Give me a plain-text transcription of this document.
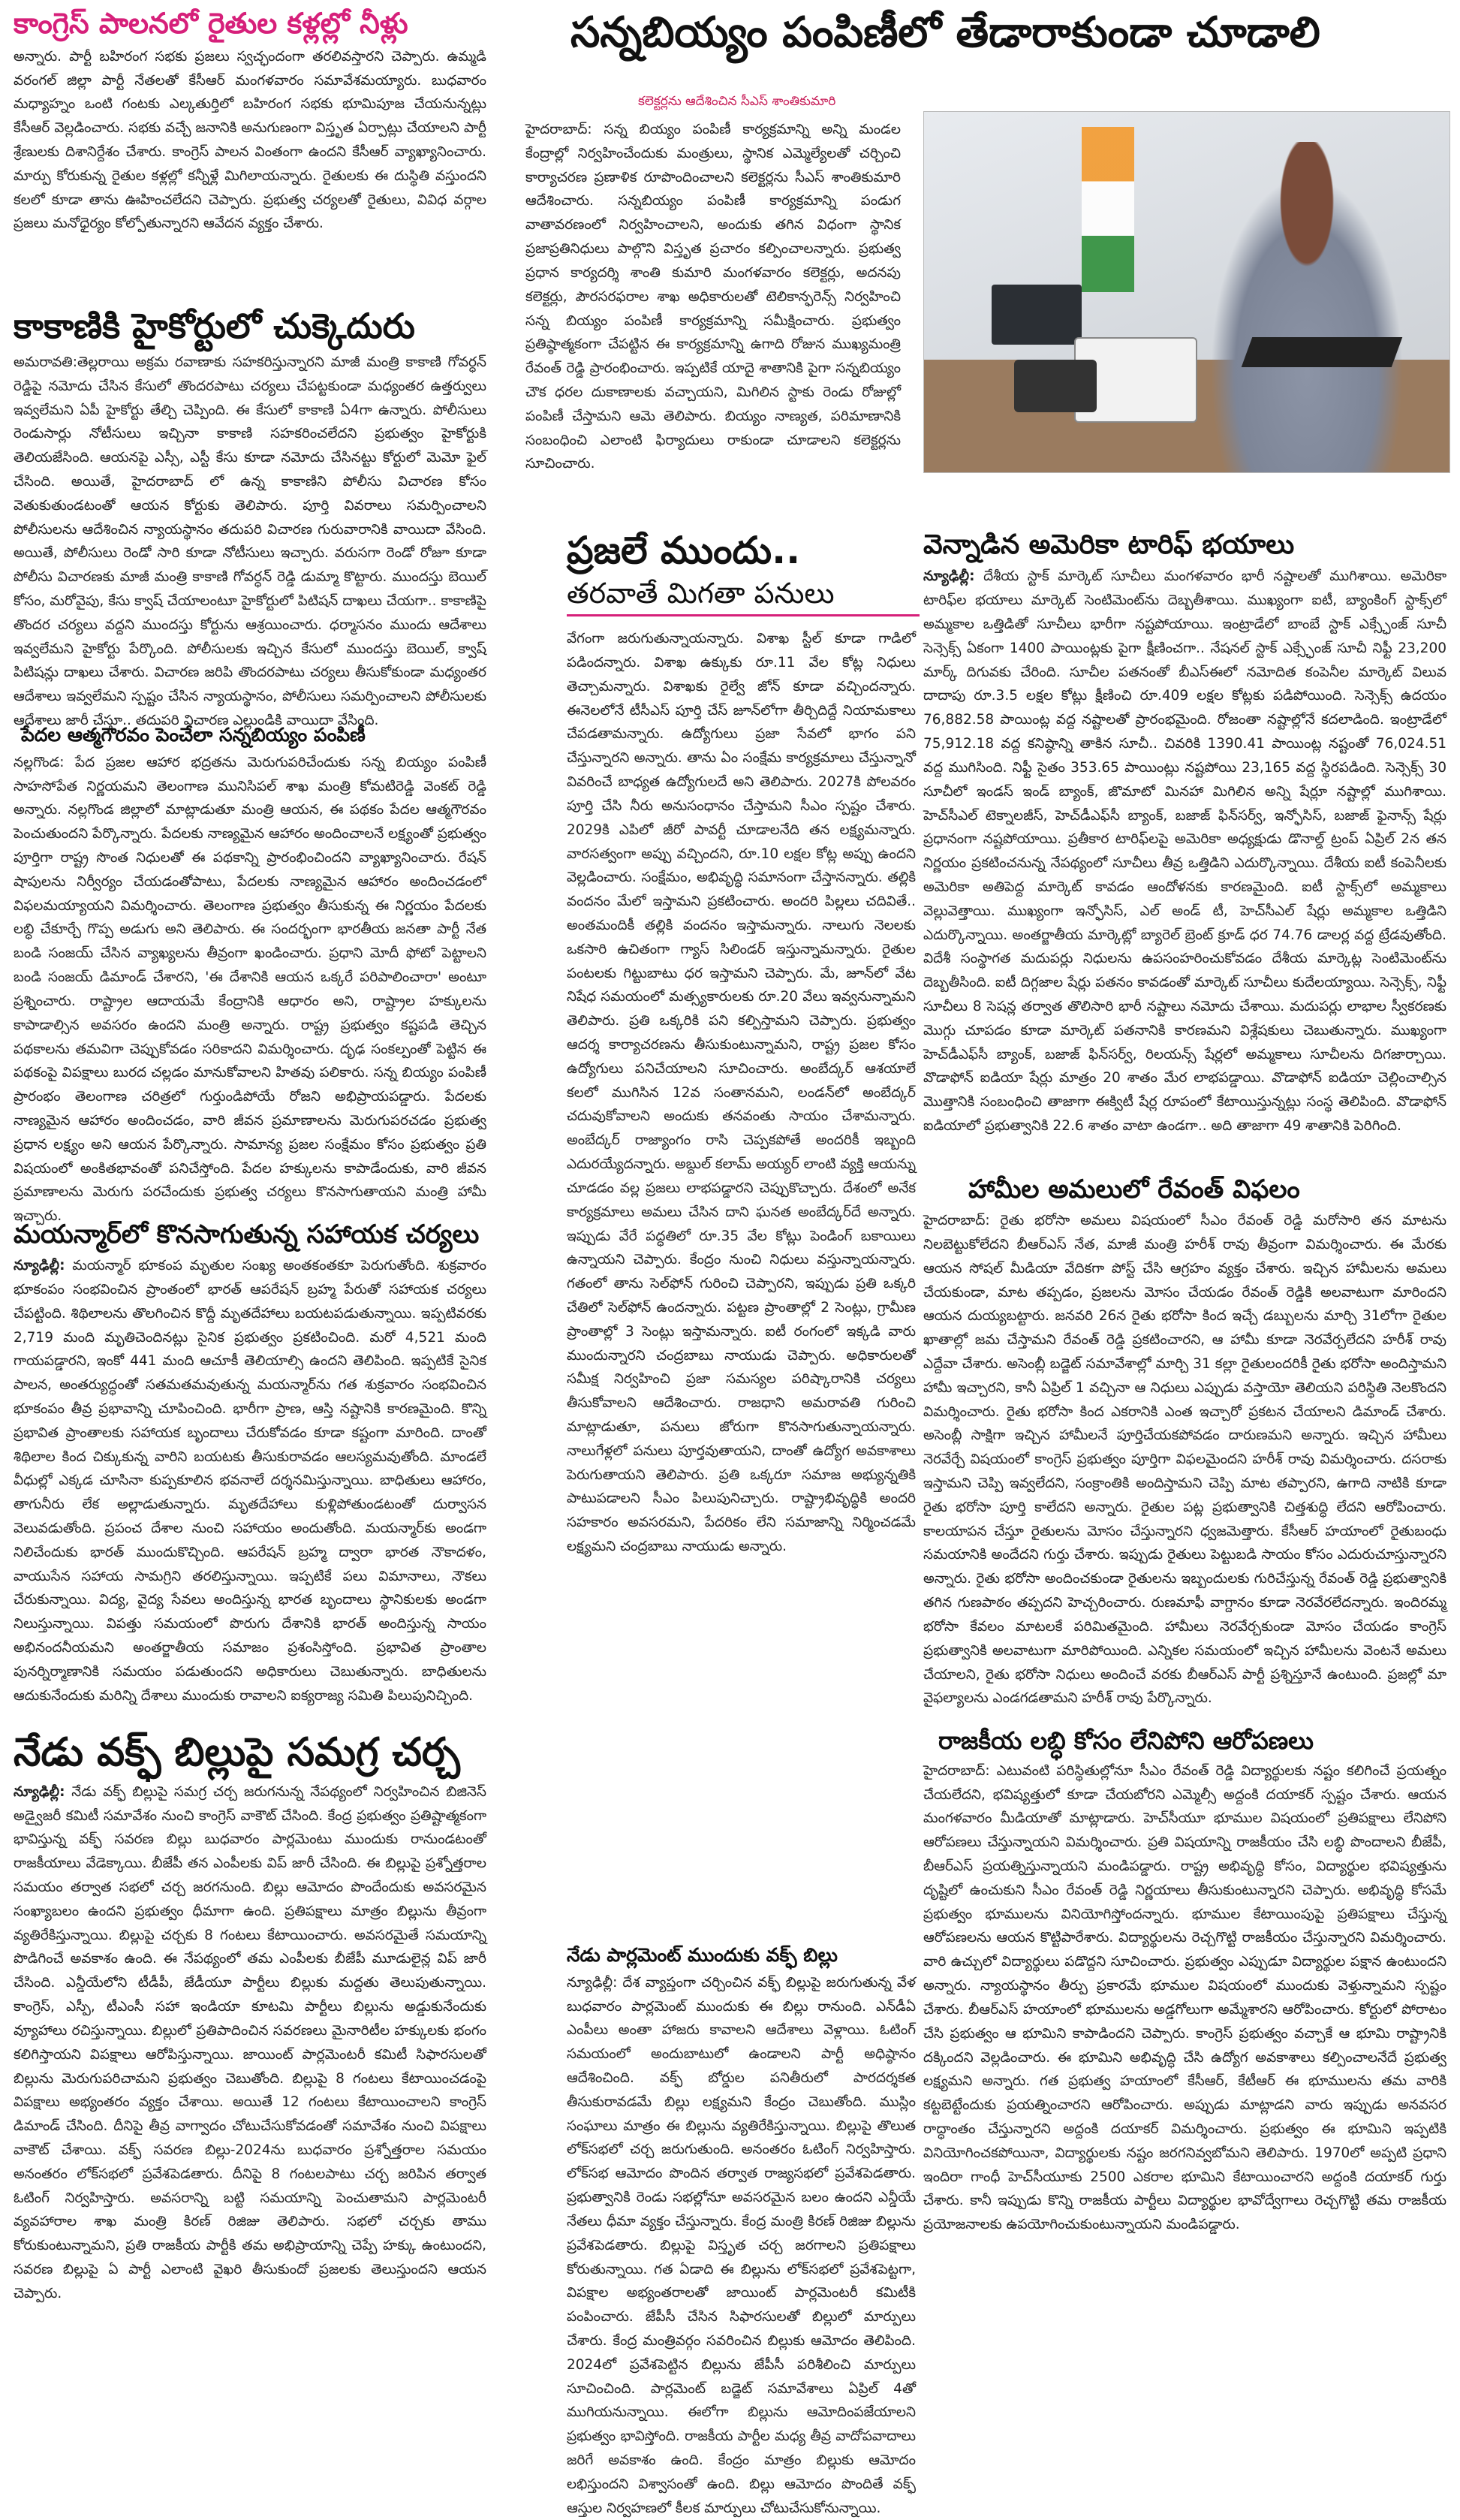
కాంగ్రెస్ పాలనలో రైతుల కళ్లల్లో నీళ్లు

అన్నారు. పార్టీ బహిరంగ సభకు ప్రజలు స్వచ్ఛందంగా తరలివస్తారని చెప్పారు. ఉమ్మడి వరంగల్ జిల్లా పార్టీ నేతలతో కేసీఆర్ మంగళవారం సమావేశమయ్యారు. బుధవారం మధ్యాహ్నం ఒంటి గంటకు ఎల్కతుర్తిలో బహిరంగ సభకు భూమిపూజ చేయనున్నట్లు కేసీఆర్ వెల్లడించారు. సభకు వచ్చే జనానికి అనుగుణంగా విస్తృత ఏర్పాట్లు చేయాలని పార్టీ శ్రేణులకు దిశానిర్దేశం చేశారు. కాంగ్రెస్ పాలన వింతంగా ఉందని కేసీఆర్ వ్యాఖ్యానించారు. మార్పు కోరుకున్న రైతుల కళ్లల్లో కన్నీళ్లే మిగిలాయన్నారు. రైతులకు ఈ దుస్థితి వస్తుందని కలలో కూడా తాను ఊహించలేదని చెప్పారు. ప్రభుత్వ చర్యలతో రైతులు, వివిధ వర్గాల ప్రజలు మనోధైర్యం కోల్పోతున్నారని ఆవేదన వ్యక్తం చేశారు.

కాకాణికి హైకోర్టులో చుక్కెదురు

అమరావతి:తెల్లరాయి అక్రమ రవాణాకు సహకరిస్తున్నారని మాజీ మంత్రి కాకాణి గోవర్ధన్ రెడ్డిపై నమోదు చేసిన కేసులో తొందరపాటు చర్యలు చేపట్టకుండా మధ్యంతర ఉత్తర్వులు ఇవ్వలేమని ఏపీ హైకోర్టు తేల్చి చెప్పింది. ఈ కేసులో కాకాణి ఏ4గా ఉన్నారు. పోలీసులు రెండుసార్లు నోటీసులు ఇచ్చినా కాకాణి సహకరించలేదని ప్రభుత్వం హైకోర్టుకి తెలియజేసింది. ఆయనపై ఎస్సీ, ఎస్టీ కేసు కూడా నమోదు చేసినట్టు కోర్టులో మెమో ఫైల్ చేసింది. అయితే, హైదరాబాద్ లో ఉన్న కాకాణిని పోలీసు విచారణ కోసం వెతుకుతుండటంతో ఆయన కోర్టుకు తెలిపారు. పూర్తి వివరాలు సమర్పించాలని పోలీసులను ఆదేశించిన న్యాయస్థానం తదుపరి విచారణ గురువారానికి వాయిదా వేసింది. అయితే, పోలీసులు రెండో సారి కూడా నోటీసులు ఇచ్చారు. వరుసగా రెండో రోజూ కూడా పోలీసు విచారణకు మాజీ మంత్రి కాకాణి గోవర్ధన్ రెడ్డి డుమ్మా కొట్టారు. ముందస్తు బెయిల్ కోసం, మరోవైపు, కేసు క్వాష్ చేయాలంటూ హైకోర్టులో పిటిషన్ దాఖలు చేయగా.. కాకాణిపై తొందర చర్యలు వద్దని ముందస్తు కోర్టును ఆశ్రయించారు. ధర్మాసనం ముందు ఆదేశాలు ఇవ్వలేమని హైకోర్టు పేర్కొంది. పోలీసులకు ఇచ్చిన కేసులో ముందస్తు బెయిల్, క్వాష్ పిటిషన్లు దాఖలు చేశారు. విచారణ జరిపి తొందరపాటు చర్యలు తీసుకోకుండా మధ్యంతర ఆదేశాలు ఇవ్వలేమని స్పష్టం చేసిన న్యాయస్థానం, పోలీసులు సమర్పించాలని పోలీసులకు ఆదేశాలు జారీ చేస్తూ.. తదుపరి విచారణ ఎల్లుండికి వాయిదా వేసింది.

పేదల ఆత్మగౌరవం పెంచేలా సన్నబియ్యం పంపిణీ

నల్లగొండ: పేద ప్రజల ఆహార భద్రతను మెరుగుపరిచేందుకు సన్న బియ్యం పంపిణీ సాహసోపేత నిర్ణయమని తెలంగాణ మునిసిపల్ శాఖ మంత్రి కోమటిరెడ్డి వెంకట్ రెడ్డి అన్నారు. నల్లగొండ జిల్లాలో మాట్లాడుతూ మంత్రి ఆయన, ఈ పథకం పేదల ఆత్మగౌరవం పెంచుతుందని పేర్కొన్నారు. పేదలకు నాణ్యమైన ఆహారం అందించాలనే లక్ష్యంతో ప్రభుత్వం పూర్తిగా రాష్ట్ర సొంత నిధులతో ఈ పథకాన్ని ప్రారంభించిందని వ్యాఖ్యానించారు. రేషన్ షాపులను నిర్వీర్యం చేయడంతోపాటు, పేదలకు నాణ్యమైన ఆహారం అందించడంలో విఫలమయ్యాయని విమర్శించారు. తెలంగాణ ప్రభుత్వం తీసుకున్న ఈ నిర్ణయం పేదలకు లబ్ధి చేకూర్చే గొప్ప అడుగు అని తెలిపారు. ఈ సందర్భంగా భారతీయ జనతా పార్టీ నేత బండి సంజయ్ చేసిన వ్యాఖ్యలను తీవ్రంగా ఖండించారు. ప్రధాని మోదీ ఫోటో పెట్టాలని బండి సంజయ్ డిమాండ్ చేశారని, 'ఈ దేశానికి ఆయన ఒక్కరే పరిపాలించారా' అంటూ ప్రశ్నించారు. రాష్ట్రాల ఆదాయమే కేంద్రానికి ఆధారం అని, రాష్ట్రాల హక్కులను కాపాడాల్సిన అవసరం ఉందని మంత్రి అన్నారు. రాష్ట్ర ప్రభుత్వం కష్టపడి తెచ్చిన పథకాలను తమవిగా చెప్పుకోవడం సరికాదని విమర్శించారు. దృఢ సంకల్పంతో పెట్టిన ఈ పథకంపై విపక్షాలు బురద చల్లడం మానుకోవాలని హితవు పలికారు. సన్న బియ్యం పంపిణీ ప్రారంభం తెలంగాణ చరిత్రలో గుర్తుండిపోయే రోజని అభిప్రాయపడ్డారు. పేదలకు నాణ్యమైన ఆహారం అందించడం, వారి జీవన ప్రమాణాలను మెరుగుపరచడం ప్రభుత్వ ప్రధాన లక్ష్యం అని ఆయన పేర్కొన్నారు. సామాన్య ప్రజల సంక్షేమం కోసం ప్రభుత్వం ప్రతి విషయంలో అంకితభావంతో పనిచేస్తోంది. పేదల హక్కులను కాపాడేందుకు, వారి జీవన ప్రమాణాలను మెరుగు పరచేందుకు ప్రభుత్వ చర్యలు కొనసాగుతాయని మంత్రి హామీ ఇచ్చారు.

మయన్మార్‌లో కొనసాగుతున్న సహాయక చర్యలు

న్యూఢిల్లీ: మయన్మార్ భూకంప మృతుల సంఖ్య అంతకంతకూ పెరుగుతోంది. శుక్రవారం భూకంపం సంభవించిన ప్రాంతంలో భారత్ ఆపరేషన్ బ్రహ్మ పేరుతో సహాయక చర్యలు చేపట్టింది. శిథిలాలను తొలగించిన కొద్దీ మృతదేహాలు బయటపడుతున్నాయి. ఇప్పటివరకు 2,719 మంది మృతిచెందినట్లు సైనిక ప్రభుత్వం ప్రకటించింది. మరో 4,521 మంది గాయపడ్డారని, ఇంకో 441 మంది ఆచూకీ తెలియాల్సి ఉందని తెలిపింది. ఇప్పటికే సైనిక పాలన, అంతర్యుద్ధంతో సతమతమవుతున్న మయన్మార్‌ను గత శుక్రవారం సంభవించిన భూకంపం తీవ్ర ప్రభావాన్ని చూపించింది. భారీగా ప్రాణ, ఆస్తి నష్టానికి కారణమైంది. కొన్ని ప్రభావిత ప్రాంతాలకు సహాయక బృందాలు చేరుకోవడం కూడా కష్టంగా మారింది. దాంతో శిథిలాల కింద చిక్కుకున్న వారిని బయటకు తీసుకురావడం ఆలస్యమవుతోంది. మాండలే వీధుల్లో ఎక్కడ చూసినా కుప్పకూలిన భవనాలే దర్శనమిస్తున్నాయి. బాధితులు ఆహారం, తాగునీరు లేక అల్లాడుతున్నారు. మృతదేహాలు కుళ్లిపోతుండటంతో దుర్వాసన వెలువడుతోంది. ప్రపంచ దేశాల నుంచి సహాయం అందుతోంది. మయన్మార్‌కు అండగా నిలిచేందుకు భారత్ ముందుకొచ్చింది. ఆపరేషన్ బ్రహ్మ ద్వారా భారత నౌకాదళం, వాయుసేన సహాయ సామగ్రిని తరలిస్తున్నాయి. ఇప్పటికే పలు విమానాలు, నౌకలు చేరుకున్నాయి. విద్య, వైద్య సేవలు అందిస్తున్న భారత బృందాలు స్థానికులకు అండగా నిలుస్తున్నాయి. విపత్తు సమయంలో పొరుగు దేశానికి భారత్ అందిస్తున్న సాయం అభినందనీయమని అంతర్జాతీయ సమాజం ప్రశంసిస్తోంది. ప్రభావిత ప్రాంతాల పునర్నిర్మాణానికి సమయం పడుతుందని అధికారులు చెబుతున్నారు. బాధితులను ఆదుకునేందుకు మరిన్ని దేశాలు ముందుకు రావాలని ఐక్యరాజ్య సమితి పిలుపునిచ్చింది.

నేడు వక్ఫ్ బిల్లుపై సమగ్ర చర్చ

న్యూఢిల్లీ: నేడు వక్ఫ్ బిల్లుపై సమగ్ర చర్చ జరుగనున్న నేపథ్యంలో నిర్వహించిన బిజినెస్ అడ్వైజరీ కమిటీ సమావేశం నుంచి కాంగ్రెస్ వాకౌట్ చేసింది. కేంద్ర ప్రభుత్వం ప్రతిష్టాత్మకంగా భావిస్తున్న వక్ఫ్ సవరణ బిల్లు బుధవారం పార్లమెంటు ముందుకు రానుండటంతో రాజకీయాలు వేడెక్కాయి. బీజేపీ తన ఎంపీలకు విప్ జారీ చేసింది. ఈ బిల్లుపై ప్రశ్నోత్తరాల సమయం తర్వాత సభలో చర్చ జరగనుంది. బిల్లు ఆమోదం పొందేందుకు అవసరమైన సంఖ్యాబలం ఉందని ప్రభుత్వం ధీమాగా ఉంది. ప్రతిపక్షాలు మాత్రం బిల్లును తీవ్రంగా వ్యతిరేకిస్తున్నాయి. బిల్లుపై చర్చకు 8 గంటలు కేటాయించారు. అవసరమైతే సమయాన్ని పొడిగించే అవకాశం ఉంది. ఈ నేపథ్యంలో తమ ఎంపీలకు బీజేపీ మూడులైన్ల విప్ జారీ చేసింది. ఎన్డీయేలోని టీడీపీ, జేడీయూ పార్టీలు బిల్లుకు మద్దతు తెలుపుతున్నాయి. కాంగ్రెస్, ఎస్పీ, టీఎంసీ సహా ఇండియా కూటమి పార్టీలు బిల్లును అడ్డుకునేందుకు వ్యూహాలు రచిస్తున్నాయి. బిల్లులో ప్రతిపాదించిన సవరణలు మైనారిటీల హక్కులకు భంగం కలిగిస్తాయని విపక్షాలు ఆరోపిస్తున్నాయి. జాయింట్ పార్లమెంటరీ కమిటీ సిఫారసులతో బిల్లును మెరుగుపరిచామని ప్రభుత్వం చెబుతోంది. బిల్లుపై 8 గంటలు కేటాయించడంపై విపక్షాలు అభ్యంతరం వ్యక్తం చేశాయి. అయితే 12 గంటలు కేటాయించాలని కాంగ్రెస్ డిమాండ్ చేసింది. దీనిపై తీవ్ర వాగ్వాదం చోటుచేసుకోవడంతో సమావేశం నుంచి విపక్షాలు వాకౌట్ చేశాయి. వక్ఫ్ సవరణ బిల్లు-2024ను బుధవారం ప్రశ్నోత్తరాల సమయం అనంతరం లోక్‌సభలో ప్రవేశపెడతారు. దీనిపై 8 గంటలపాటు చర్చ జరిపిన తర్వాత ఓటింగ్ నిర్వహిస్తారు. అవసరాన్ని బట్టి సమయాన్ని పెంచుతామని పార్లమెంటరీ వ్యవహారాల శాఖ మంత్రి కిరణ్ రిజిజు తెలిపారు. సభలో చర్చకు తాము కోరుకుంటున్నామని, ప్రతి రాజకీయ పార్టీకి తమ అభిప్రాయాన్ని చెప్పే హక్కు ఉంటుందని, సవరణ బిల్లుపై ఏ పార్టీ ఎలాంటి వైఖరి తీసుకుందో ప్రజలకు తెలుస్తుందని ఆయన చెప్పారు.

సన్నబియ్యం పంపిణీలో తేడారాకుండా చూడాలి
కలెక్టర్లను ఆదేశించిన సీఎస్ శాంతికుమారి

హైదరాబాద్: సన్న బియ్యం పంపిణీ కార్యక్రమాన్ని అన్ని మండల కేంద్రాల్లో నిర్వహించేందుకు మంత్రులు, స్థానిక ఎమ్మెల్యేలతో చర్చించి కార్యాచరణ ప్రణాళిక రూపొందించాలని కలెక్టర్లను సీఎస్ శాంతికుమారి ఆదేశించారు. సన్నబియ్యం పంపిణీ కార్యక్రమాన్ని పండుగ వాతావరణంలో నిర్వహించాలని, అందుకు తగిన విధంగా స్థానిక ప్రజాప్రతినిధులు పాల్గొని విస్తృత ప్రచారం కల్పించాలన్నారు. ప్రభుత్వ ప్రధాన కార్యదర్శి శాంతి కుమారి మంగళవారం కలెక్టర్లు, అదనపు కలెక్టర్లు, పౌరసరఫరాల శాఖ అధికారులతో టెలికాన్ఫరెన్స్ నిర్వహించి సన్న బియ్యం పంపిణీ కార్యక్రమాన్ని సమీక్షించారు. ప్రభుత్వం ప్రతిష్ఠాత్మకంగా చేపట్టిన ఈ కార్యక్రమాన్ని ఉగాది రోజున ముఖ్యమంత్రి రేవంత్ రెడ్డి ప్రారంభించారు. ఇప్పటికే యాదై శాతానికి పైగా సన్నబియ్యం చౌక ధరల దుకాణాలకు వచ్చాయని, మిగిలిన స్టాకు రెండు రోజుల్లో పంపిణీ చేస్తామని ఆమె తెలిపారు. బియ్యం నాణ్యత, పరిమాణానికి సంబంధించి ఎలాంటి ఫిర్యాదులు రాకుండా చూడాలని కలెక్టర్లను సూచించారు.

ప్రజలే ముందు..
తరవాతే మిగతా పనులు

వేగంగా జరుగుతున్నాయన్నారు. విశాఖ స్టీల్ కూడా గాడిలో పడిందన్నారు. విశాఖ ఉక్కుకు రూ.11 వేల కోట్ల నిధులు తెచ్చామన్నారు. విశాఖకు రైల్వే జోన్ కూడా వచ్చిందన్నారు. ఈనెలలోనే టీసీఎస్ పూర్తి చేస్ జూన్‌లోగా తీర్చిదిద్దే నియామకాలు చేపడతామన్నారు. ఉద్యోగులు ప్రజా సేవలో భాగం పని చేస్తున్నారని అన్నారు. తాను ఏం సంక్షేమ కార్యక్రమాలు చేస్తున్నానో వివరించే బాధ్యత ఉద్యోగులదే అని తెలిపారు. 2027కి పోలవరం పూర్తి చేసి నీరు అనుసంధానం చేస్తామని సీఎం స్పష్టం చేశారు. 2029కి ఎపిలో జీరో పావర్టీ చూడాలనేది తన లక్ష్యమన్నారు. వారసత్వంగా అప్పు వచ్చిందని, రూ.10 లక్షల కోట్ల అప్పు ఉందని వెల్లడించారు. సంక్షేమం, అభివృద్ధి సమానంగా చేస్తానన్నారు. తల్లికి వందనం మేలో ఇస్తామని ప్రకటించారు. అందరి పిల్లలు చదివితే.. అంతమందికీ తల్లికి వందనం ఇస్తామన్నారు. నాలుగు నెలలకు ఒకసారి ఉచితంగా గ్యాస్ సిలిండర్ ఇస్తున్నామన్నారు. రైతుల పంటలకు గిట్టుబాటు ధర ఇస్తామని చెప్పారు. మే, జూన్‌లో వేట నిషేధ సమయంలో మత్స్యకారులకు రూ.20 వేలు ఇవ్వనున్నామని తెలిపారు. ప్రతి ఒక్కరికి పని కల్పిస్తామని చెప్పారు. ప్రభుత్వం ఆదర్శ కార్యాచరణను తీసుకుంటున్నామని, రాష్ట్ర ప్రజల కోసం ఉద్యోగులు పనిచేయాలని సూచించారు. అంబేద్కర్ ఆశయాలే కలలో ముగిసిన 12వ సంతానమని, లండన్‌లో అంబేద్కర్ చదువుకోవాలని అందుకు తనవంతు సాయం చేశామన్నారు. అంబేద్కర్ రాజ్యాంగం రాసి చెప్పకపోతే అందరికీ ఇబ్బంది ఎదురయ్యేదన్నారు. అబ్దుల్ కలామ్ అయ్యర్ లాంటి వ్యక్తి ఆయన్ను చూడడం వల్ల ప్రజలు లాభపడ్డారని చెప్పుకొచ్చారు. దేశంలో అనేక కార్యక్రమాలు అమలు చేసిన దాని ఘనత అంబేద్కర్‌దే అన్నారు. ఇప్పుడు వేరే పద్ధతిలో రూ.35 వేల కోట్లు పెండింగ్ బకాయిలు ఉన్నాయని చెప్పారు. కేంద్రం నుంచి నిధులు వస్తున్నాయన్నారు. గతంలో తాను సెల్‌ఫోన్ గురించి చెప్పారని, ఇప్పుడు ప్రతి ఒక్కరి చేతిలో సెల్‌ఫోన్ ఉందన్నారు. పట్టణ ప్రాంతాల్లో 2 సెంట్లు, గ్రామీణ ప్రాంతాల్లో 3 సెంట్లు ఇస్తామన్నారు. ఐటీ రంగంలో ఇక్కడి వారు ముందున్నారని చంద్రబాబు నాయుడు చెప్పారు. అధికారులతో సమీక్ష నిర్వహించి ప్రజా సమస్యల పరిష్కారానికి చర్యలు తీసుకోవాలని ఆదేశించారు. రాజధాని అమరావతి గురించి మాట్లాడుతూ, పనులు జోరుగా కొనసాగుతున్నాయన్నారు. నాలుగేళ్లలో పనులు పూర్తవుతాయని, దాంతో ఉద్యోగ అవకాశాలు పెరుగుతాయని తెలిపారు. ప్రతి ఒక్కరూ సమాజ అభ్యున్నతికి పాటుపడాలని సీఎం పిలుపునిచ్చారు. రాష్ట్రాభివృద్ధికి అందరి సహకారం అవసరమని, పేదరికం లేని సమాజాన్ని నిర్మించడమే లక్ష్యమని చంద్రబాబు నాయుడు అన్నారు.

నేడు పార్లమెంట్ ముందుకు వక్ఫ్ బిల్లు

న్యూఢిల్లీ: దేశ వ్యాప్తంగా చర్చించిన వక్ఫ్ బిల్లుపై జరుగుతున్న వేళ బుధవారం పార్లమెంట్ ముందుకు ఈ బిల్లు రానుంది. ఎన్‌డీఏ ఎంపీలు అంతా హాజరు కావాలని ఆదేశాలు వెళ్లాయి. ఓటింగ్ సమయంలో అందుబాటులో ఉండాలని పార్టీ అధిష్ఠానం ఆదేశించింది. వక్ఫ్ బోర్డుల పనితీరులో పారదర్శకత తీసుకురావడమే బిల్లు లక్ష్యమని కేంద్రం చెబుతోంది. ముస్లిం సంఘాలు మాత్రం ఈ బిల్లును వ్యతిరేకిస్తున్నాయి. బిల్లుపై తొలుత లోక్‌సభలో చర్చ జరుగుతుంది. అనంతరం ఓటింగ్ నిర్వహిస్తారు. లోక్‌సభ ఆమోదం పొందిన తర్వాత రాజ్యసభలో ప్రవేశపెడతారు. ప్రభుత్వానికి రెండు సభల్లోనూ అవసరమైన బలం ఉందని ఎన్డీయే నేతలు ధీమా వ్యక్తం చేస్తున్నారు. కేంద్ర మంత్రి కిరణ్ రిజిజు బిల్లును ప్రవేశపెడతారు. బిల్లుపై విస్తృత చర్చ జరగాలని ప్రతిపక్షాలు కోరుతున్నాయి. గత ఏడాది ఈ బిల్లును లోక్‌సభలో ప్రవేశపెట్టగా, విపక్షాల అభ్యంతరాలతో జాయింట్ పార్లమెంటరీ కమిటీకి పంపించారు. జేపీసీ చేసిన సిఫారసులతో బిల్లులో మార్పులు చేశారు. కేంద్ర మంత్రివర్గం సవరించిన బిల్లుకు ఆమోదం తెలిపింది. 2024లో ప్రవేశపెట్టిన బిల్లును జేపీసీ పరిశీలించి మార్పులు సూచించింది. పార్లమెంట్ బడ్జెట్ సమావేశాలు ఏప్రిల్ 4తో ముగియనున్నాయి. ఈలోగా బిల్లును ఆమోదింపజేయాలని ప్రభుత్వం భావిస్తోంది. రాజకీయ పార్టీల మధ్య తీవ్ర వాదోపవాదాలు జరిగే అవకాశం ఉంది. కేంద్రం మాత్రం బిల్లుకు ఆమోదం లభిస్తుందని విశ్వాసంతో ఉంది. బిల్లు ఆమోదం పొందితే వక్ఫ్ ఆస్తుల నిర్వహణలో కీలక మార్పులు చోటుచేసుకోనున్నాయి.

వెన్నాడిన అమెరికా టారిఫ్ భయాలు

న్యూఢిల్లీ: దేశీయ స్టాక్ మార్కెట్ సూచీలు మంగళవారం భారీ నష్టాలతో ముగిశాయి. అమెరికా టారిఫ్‌ల భయాలు మార్కెట్ సెంటిమెంట్‌ను దెబ్బతీశాయి. ముఖ్యంగా ఐటీ, బ్యాంకింగ్ స్టాక్స్‌లో అమ్మకాల ఒత్తిడితో సూచీలు భారీగా నష్టపోయాయి. ఇంట్రాడేలో బాంబే స్టాక్ ఎక్స్ఛేంజ్ సూచీ సెన్సెక్స్ ఏకంగా 1400 పాయింట్లకు పైగా క్షీణించగా.. నేషనల్ స్టాక్ ఎక్స్ఛేంజ్ సూచీ నిఫ్టీ 23,200 మార్క్ దిగువకు చేరింది. సూచీల పతనంతో బీఎస్‌ఈలో నమోదిత కంపెనీల మార్కెట్ విలువ దాదాపు రూ.3.5 లక్షల కోట్లు క్షీణించి రూ.409 లక్షల కోట్లకు పడిపోయింది. సెన్సెక్స్ ఉదయం 76,882.58 పాయింట్ల వద్ద నష్టాలతో ప్రారంభమైంది. రోజంతా నష్టాల్లోనే కదలాడింది. ఇంట్రాడేలో 75,912.18 వద్ద కనిష్ఠాన్ని తాకిన సూచీ.. చివరికి 1390.41 పాయింట్ల నష్టంతో 76,024.51 వద్ద ముగిసింది. నిఫ్టీ సైతం 353.65 పాయింట్లు నష్టపోయి 23,165 వద్ద స్థిరపడింది. సెన్సెక్స్ 30 సూచీలో ఇండస్ ఇండ్ బ్యాంక్, జొమాటో మినహా మిగిలిన అన్ని షేర్లూ నష్టాల్లో ముగిశాయి. హెచ్‌సీఎల్ టెక్నాలజీస్, హెచ్‌డీఎఫ్‌సీ బ్యాంక్, బజాజ్ ఫిన్‌సర్వ్, ఇన్ఫోసిస్, బజాజ్ ఫైనాన్స్ షేర్లు ప్రధానంగా నష్టపోయాయి. ప్రతీకార టారిఫ్‌లపై అమెరికా అధ్యక్షుడు డొనాల్డ్ ట్రంప్ ఏప్రిల్ 2న తన నిర్ణయం ప్రకటించనున్న నేపథ్యంలో సూచీలు తీవ్ర ఒత్తిడిని ఎదుర్కొన్నాయి. దేశీయ ఐటీ కంపెనీలకు అమెరికా అతిపెద్ద మార్కెట్ కావడం ఆందోళనకు కారణమైంది. ఐటీ స్టాక్స్‌లో అమ్మకాలు వెల్లువెత్తాయి. ముఖ్యంగా ఇన్ఫోసిస్, ఎల్ అండ్ టీ, హెచ్‌సీఎల్ షేర్లు అమ్మకాల ఒత్తిడిని ఎదుర్కొన్నాయి. అంతర్జాతీయ మార్కెట్లో బ్యారెల్ బ్రెంట్ క్రూడ్ ధర 74.76 డాలర్ల వద్ద ట్రేడవుతోంది. విదేశీ సంస్థాగత మదుపర్లు నిధులను ఉపసంహరించుకోవడం దేశీయ మార్కెట్ల సెంటిమెంట్‌ను దెబ్బతీసింది. ఐటీ దిగ్గజాల షేర్లు పతనం కావడంతో మార్కెట్ సూచీలు కుదేలయ్యాయి. సెన్సెక్స్, నిఫ్టీ సూచీలు 8 సెషన్ల తర్వాత తొలిసారి భారీ నష్టాలు నమోదు చేశాయి. మదుపర్లు లాభాల స్వీకరణకు మొగ్గు చూపడం కూడా మార్కెట్ పతనానికి కారణమని విశ్లేషకులు చెబుతున్నారు. ముఖ్యంగా హెచ్‌డీఎఫ్‌సీ బ్యాంక్, బజాజ్ ఫిన్‌సర్వ్, రిలయన్స్ షేర్లలో అమ్మకాలు సూచీలను దిగజార్చాయి. వొడాఫోన్ ఐడియా షేర్లు మాత్రం 20 శాతం మేర లాభపడ్డాయి. వొడాఫోన్ ఐడియా చెల్లించాల్సిన మొత్తానికి సంబంధించి తాజాగా ఈక్విటీ షేర్ల రూపంలో కేటాయిస్తున్నట్లు సంస్థ తెలిపింది. వొడాఫోన్ ఐడియాలో ప్రభుత్వానికి 22.6 శాతం వాటా ఉండగా.. అది తాజాగా 49 శాతానికి పెరిగింది.

హామీల అమలులో రేవంత్ విఫలం

హైదరాబాద్: రైతు భరోసా అమలు విషయంలో సీఎం రేవంత్ రెడ్డి మరోసారి తన మాటను నిలబెట్టుకోలేదని బీఆర్ఎస్ నేత, మాజీ మంత్రి హరీశ్ రావు తీవ్రంగా విమర్శించారు. ఈ మేరకు ఆయన సోషల్ మీడియా వేదికగా పోస్ట్ చేసి ఆగ్రహం వ్యక్తం చేశారు. ఇచ్చిన హామీలను అమలు చేయకుండా, మాట తప్పడం, ప్రజలను మోసం చేయడం రేవంత్ రెడ్డికి అలవాటుగా మారిందని ఆయన దుయ్యబట్టారు. జనవరి 26న రైతు భరోసా కింద ఇచ్చే డబ్బులను మార్చి 31లోగా రైతుల ఖాతాల్లో జమ చేస్తామని రేవంత్ రెడ్డి ప్రకటించారని, ఆ హామీ కూడా నెరవేర్చలేదని హరీశ్ రావు ఎద్దేవా చేశారు. అసెంబ్లీ బడ్జెట్ సమావేశాల్లో మార్చి 31 కల్లా రైతులందరికీ రైతు భరోసా అందిస్తామని హామీ ఇచ్చారని, కానీ ఏప్రిల్ 1 వచ్చినా ఆ నిధులు ఎప్పుడు వస్తాయో తెలియని పరిస్థితి నెలకొందని విమర్శించారు. రైతు భరోసా కింద ఎకరానికి ఎంత ఇచ్చారో ప్రకటన చేయాలని డిమాండ్ చేశారు. అసెంబ్లీ సాక్షిగా ఇచ్చిన హామీలనే పూర్తిచేయకపోవడం దారుణమని అన్నారు. ఇచ్చిన హామీలు నెరవేర్చే విషయంలో కాంగ్రెస్ ప్రభుత్వం పూర్తిగా విఫలమైందని హరీశ్ రావు విమర్శించారు. దసరాకు ఇస్తామని చెప్పి ఇవ్వలేదని, సంక్రాంతికి అందిస్తామని చెప్పి మాట తప్పారని, ఉగాది నాటికి కూడా రైతు భరోసా పూర్తి కాలేదని అన్నారు. రైతుల పట్ల ప్రభుత్వానికి చిత్తశుద్ధి లేదని ఆరోపించారు. కాలయాపన చేస్తూ రైతులను మోసం చేస్తున్నారని ధ్వజమెత్తారు. కేసీఆర్ హయాంలో రైతుబంధు సమయానికి అందేదని గుర్తు చేశారు. ఇప్పుడు రైతులు పెట్టుబడి సాయం కోసం ఎదురుచూస్తున్నారని అన్నారు. రైతు భరోసా అందించకుండా రైతులను ఇబ్బందులకు గురిచేస్తున్న రేవంత్ రెడ్డి ప్రభుత్వానికి తగిన గుణపాఠం తప్పదని హెచ్చరించారు. రుణమాఫీ వాగ్దానం కూడా నెరవేరలేదన్నారు. ఇందిరమ్మ భరోసా కేవలం మాటలకే పరిమితమైంది. హామీలు నెరవేర్చకుండా మోసం చేయడం కాంగ్రెస్ ప్రభుత్వానికి అలవాటుగా మారిపోయింది. ఎన్నికల సమయంలో ఇచ్చిన హామీలను వెంటనే అమలు చేయాలని, రైతు భరోసా నిధులు అందించే వరకు బీఆర్ఎస్ పార్టీ ప్రశ్నిస్తూనే ఉంటుంది. ప్రజల్లో మా వైఫల్యాలను ఎండగడతామని హరీశ్ రావు పేర్కొన్నారు.

రాజకీయ లబ్ధి కోసం లేనిపోని ఆరోపణలు

హైదరాబాద్: ఎటువంటి పరిస్థితుల్లోనూ సీఎం రేవంత్ రెడ్డి విద్యార్థులకు నష్టం కలిగించే ప్రయత్నం చేయలేదని, భవిష్యత్తులో కూడా చేయబోరని ఎమ్మెల్సీ అద్దంకి దయాకర్ స్పష్టం చేశారు. ఆయన మంగళవారం మీడియాతో మాట్లాడారు. హెచ్‌సీయూ భూముల విషయంలో ప్రతిపక్షాలు లేనిపోని ఆరోపణలు చేస్తున్నాయని విమర్శించారు. ప్రతి విషయాన్ని రాజకీయం చేసి లబ్ధి పొందాలని బీజేపీ, బీఆర్ఎస్ ప్రయత్నిస్తున్నాయని మండిపడ్డారు. రాష్ట్ర అభివృద్ధి కోసం, విద్యార్థుల భవిష్యత్తును దృష్టిలో ఉంచుకుని సీఎం రేవంత్ రెడ్డి నిర్ణయాలు తీసుకుంటున్నారని చెప్పారు. అభివృద్ధి కోసమే ప్రభుత్వం భూములను వినియోగిస్తోందన్నారు. భూముల కేటాయింపుపై ప్రతిపక్షాలు చేస్తున్న ఆరోపణలను ఆయన కొట్టిపారేశారు. విద్యార్థులను రెచ్చగొట్టి రాజకీయం చేస్తున్నారని విమర్శించారు. వారి ఉచ్చులో విద్యార్థులు పడొద్దని సూచించారు. ప్రభుత్వం ఎప్పుడూ విద్యార్థుల పక్షాన ఉంటుందని అన్నారు. న్యాయస్థానం తీర్పు ప్రకారమే భూముల విషయంలో ముందుకు వెళ్తున్నామని స్పష్టం చేశారు. బీఆర్ఎస్ హయాంలో భూములను అడ్డగోలుగా అమ్మేశారని ఆరోపించారు. కోర్టులో పోరాటం చేసి ప్రభుత్వం ఆ భూమిని కాపాడిందని చెప్పారు. కాంగ్రెస్ ప్రభుత్వం వచ్చాకే ఆ భూమి రాష్ట్రానికి దక్కిందని వెల్లడించారు. ఈ భూమిని అభివృద్ధి చేసి ఉద్యోగ అవకాశాలు కల్పించాలనేదే ప్రభుత్వ లక్ష్యమని అన్నారు. గత ప్రభుత్వ హయాంలో కేసీఆర్, కేటీఆర్ ఈ భూములను తమ వారికి కట్టబెట్టేందుకు ప్రయత్నించారని ఆరోపించారు. అప్పుడు మాట్లాడని వారు ఇప్పుడు అనవసర రాద్ధాంతం చేస్తున్నారని అద్దంకి దయాకర్ విమర్శించారు. ప్రభుత్వం ఈ భూమిని ఇప్పటికి వినియోగించకపోయినా, విద్యార్థులకు నష్టం జరగనివ్వబోమని తెలిపారు. 1970లో అప్పటి ప్రధాని ఇందిరా గాంధీ హెచ్‌సీయూకు 2500 ఎకరాల భూమిని కేటాయించారని అద్దంకి దయాకర్ గుర్తు చేశారు. కానీ ఇప్పుడు కొన్ని రాజకీయ పార్టీలు విద్యార్థుల భావోద్వేగాలు రెచ్చగొట్టి తమ రాజకీయ ప్రయోజనాలకు ఉపయోగించుకుంటున్నాయని మండిపడ్డారు.
